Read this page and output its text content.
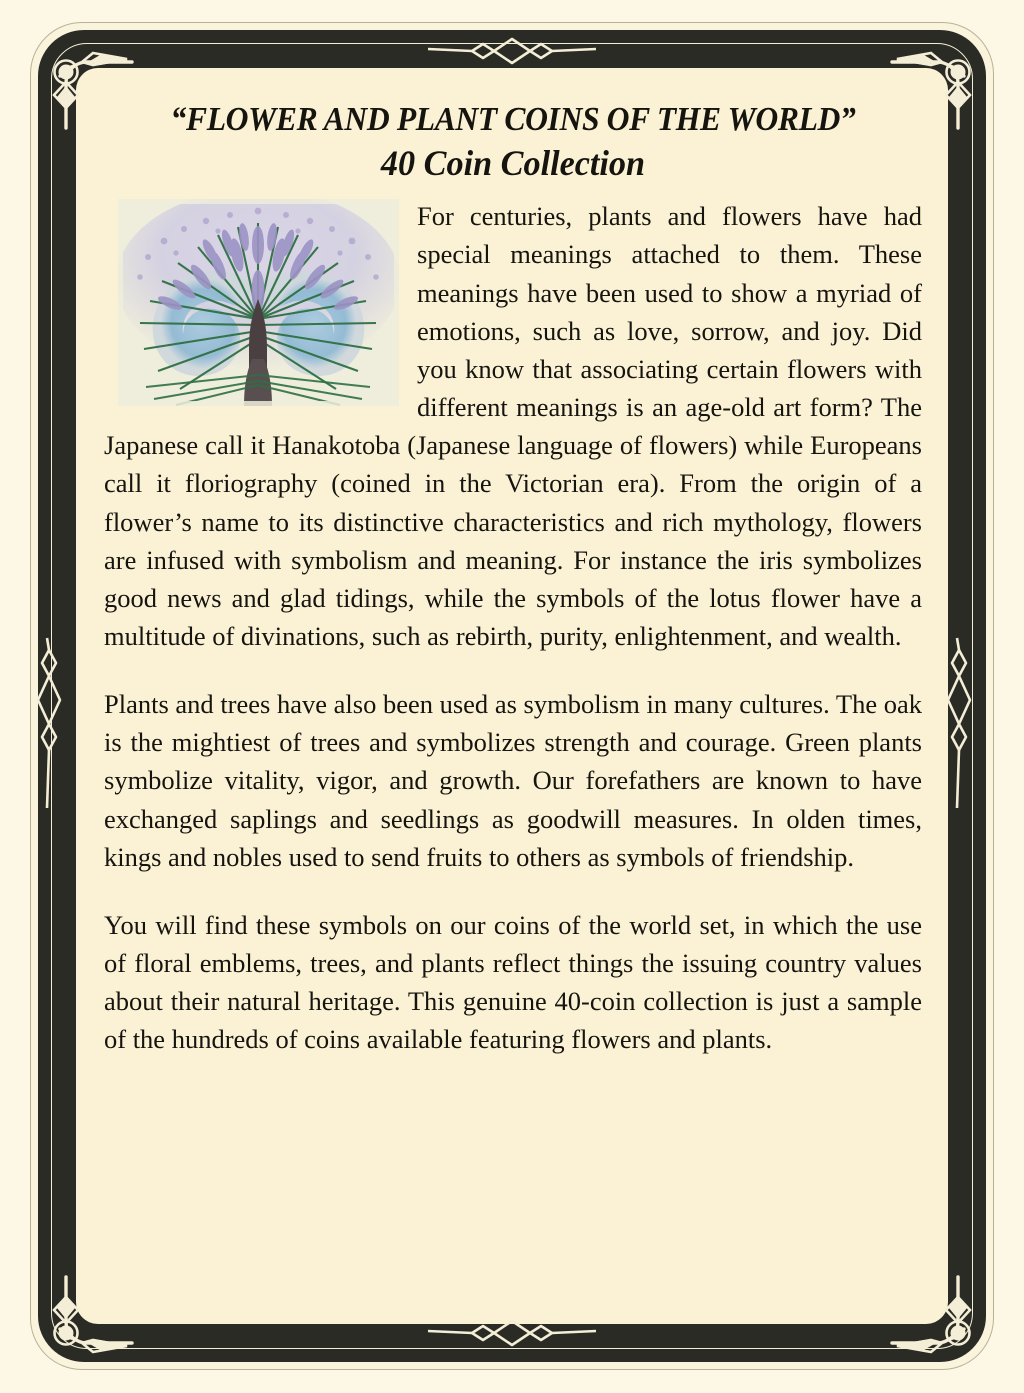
“FLOWER AND PLANT COINS OF THE WORLD”
40 Coin Collection

For centuries, plants and flowers have had special meanings attached to them. These meanings have been used to show a myriad of emotions, such as love, sorrow, and joy. Did you know that associating certain flowers with different meanings is an age-old art form? The Japanese call it Hanakotoba (Japanese language of flowers) while Europeans call it floriography (coined in the Victorian era). From the origin of a flower’s name to its distinctive characteristics and rich mythology, flowers are infused with symbolism and meaning. For instance the iris symbolizes good news and glad tidings, while the symbols of the lotus flower have a multitude of divinations, such as rebirth, purity, enlightenment, and wealth.

Plants and trees have also been used as symbolism in many cultures. The oak is the mightiest of trees and symbolizes strength and courage. Green plants symbolize vitality, vigor, and growth. Our forefathers are known to have exchanged saplings and seedlings as goodwill measures. In olden times, kings and nobles used to send fruits to others as symbols of friendship.

You will find these symbols on our coins of the world set, in which the use of floral emblems, trees, and plants reflect things the issuing country values about their natural heritage. This genuine 40-coin collection is just a sample of the hundreds of coins available featuring flowers and plants.
